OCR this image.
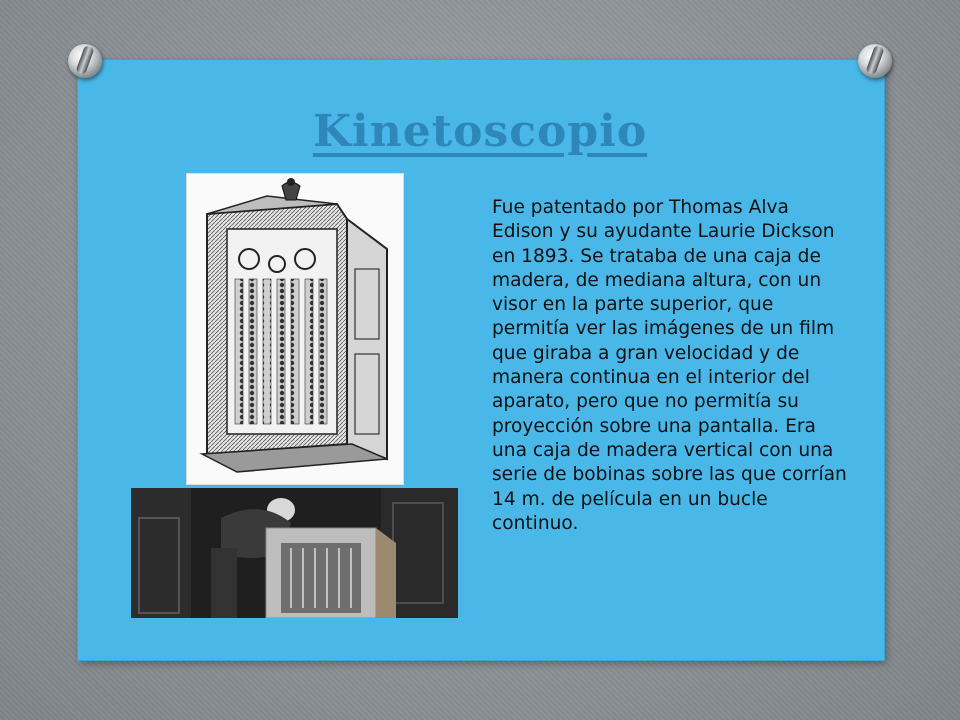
Kinetoscopio

Fue patentado por Thomas Alva Edison y su ayudante Laurie Dickson en 1893. Se trataba de una caja de madera, de mediana altura, con un visor en la parte superior, que permitía ver las imágenes de un film que giraba a gran velocidad y de manera continua en el interior del aparato, pero que no permitía su proyección sobre una pantalla. Era una caja de madera vertical con una serie de bobinas sobre las que corrían 14 m. de película en un bucle continuo.
